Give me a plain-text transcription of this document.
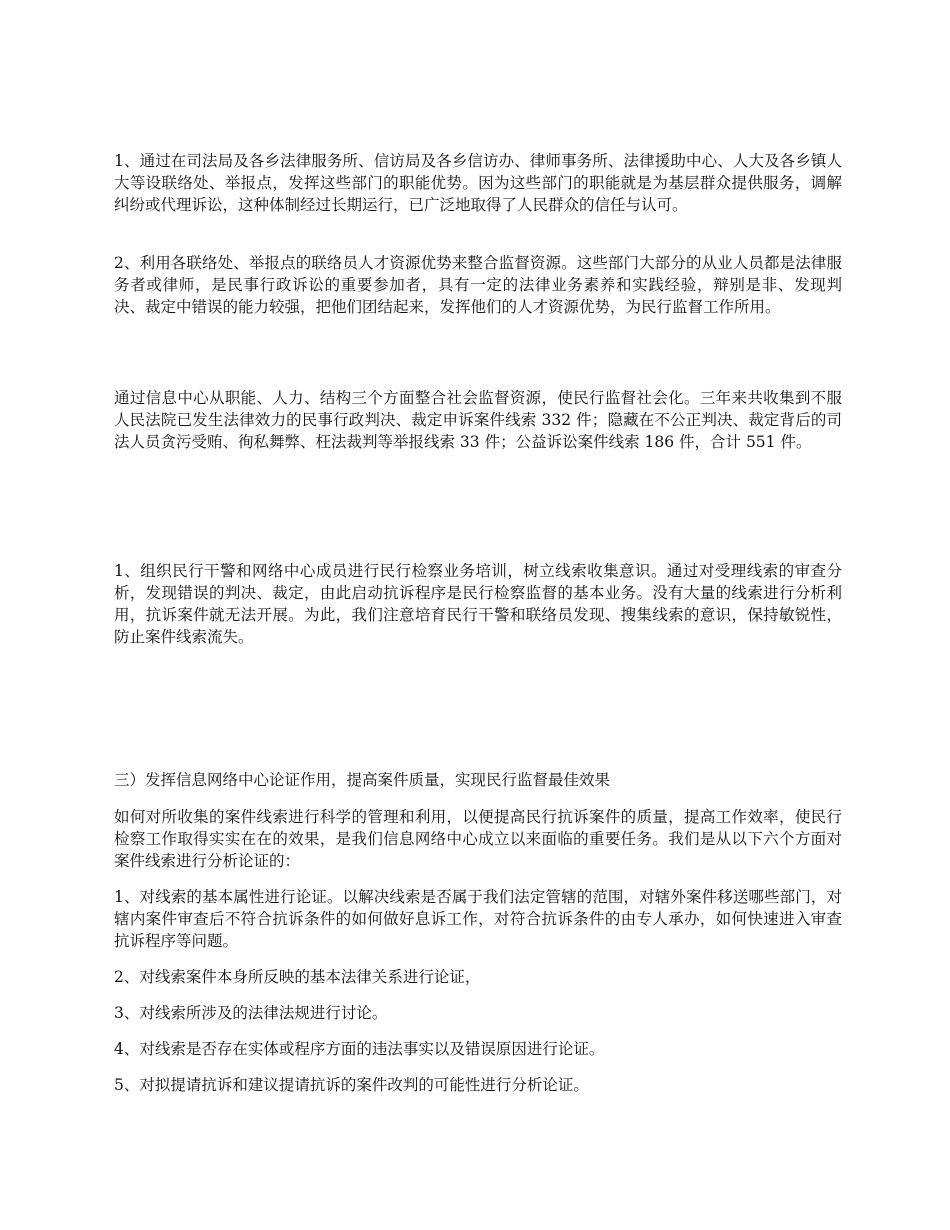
1、通过在司法局及各乡法律服务所、信访局及各乡信访办、律师事务所、法律援助中心、人大及各乡镇人大等设联络处、举报点，发挥这些部门的职能优势。因为这些部门的职能就是为基层群众提供服务，调解纠纷或代理诉讼，这种体制经过长期运行，已广泛地取得了人民群众的信任与认可。

2、利用各联络处、举报点的联络员人才资源优势来整合监督资源。这些部门大部分的从业人员都是法律服务者或律师，是民事行政诉讼的重要参加者，具有一定的法律业务素养和实践经验，辩别是非、发现判决、裁定中错误的能力较强，把他们团结起来，发挥他们的人才资源优势，为民行监督工作所用。

通过信息中心从职能、人力、结构三个方面整合社会监督资源，使民行监督社会化。三年来共收集到不服人民法院已发生法律效力的民事行政判决、裁定申诉案件线索 332 件；隐藏在不公正判决、裁定背后的司法人员贪污受贿、徇私舞弊、枉法裁判等举报线索 33 件；公益诉讼案件线索 186 件，合计 551 件。

1、组织民行干警和网络中心成员进行民行检察业务培训，树立线索收集意识。通过对受理线索的审查分析，发现错误的判决、裁定，由此启动抗诉程序是民行检察监督的基本业务。没有大量的线索进行分析利用，抗诉案件就无法开展。为此，我们注意培育民行干警和联络员发现、搜集线索的意识，保持敏锐性，防止案件线索流失。

三）发挥信息网络中心论证作用，提高案件质量，实现民行监督最佳效果

如何对所收集的案件线索进行科学的管理和利用，以便提高民行抗诉案件的质量，提高工作效率，使民行检察工作取得实实在在的效果，是我们信息网络中心成立以来面临的重要任务。我们是从以下六个方面对案件线索进行分析论证的：

1、对线索的基本属性进行论证。以解决线索是否属于我们法定管辖的范围，对辖外案件移送哪些部门，对辖内案件审查后不符合抗诉条件的如何做好息诉工作，对符合抗诉条件的由专人承办，如何快速进入审查抗诉程序等问题。

2、对线索案件本身所反映的基本法律关系进行论证，

3、对线索所涉及的法律法规进行讨论。

4、对线索是否存在实体或程序方面的违法事实以及错误原因进行论证。

5、对拟提请抗诉和建议提请抗诉的案件改判的可能性进行分析论证。
